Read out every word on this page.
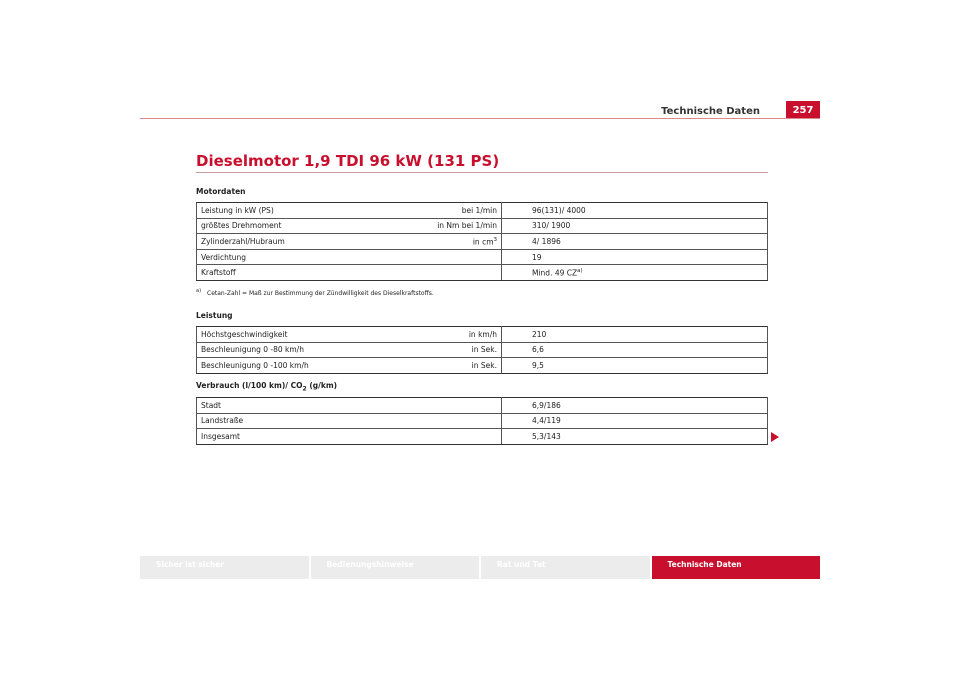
Technische Daten	257
Dieselmotor 1,9 TDI 96 kW (131 PS)
Motordaten
Leistung in kW (PS)	bei 1/min	96(131)/ 4000
größtes Drehmoment	in Nm bei 1/min	310/ 1900
Zylinderzahl/Hubraum	in $cm^3$	4/ 1896
Verdichtung		19
Kraftstoff		Mind. 49 CZ$^{a)}$
$^{a)}$ Cetan-Zahl = Maß zur Bestimmung der Zündwilligkeit des Dieselkraftstoffs.
Leistung
Höchstgeschwindigkeit	in km/h	210
Beschleunigung 0 -80 km/h	in Sek.	6,6
Beschleunigung 0 -100 km/h	in Sek.	9,5
Verbrauch (l/100 km)/ $CO_2$ (g/km)
Stadt		6,9/186
Landstraße		4,4/119
Insgesamt		5,3/143
Sicher ist sicher	Bedienungshinweise	Rat und Tat	Technische Daten
